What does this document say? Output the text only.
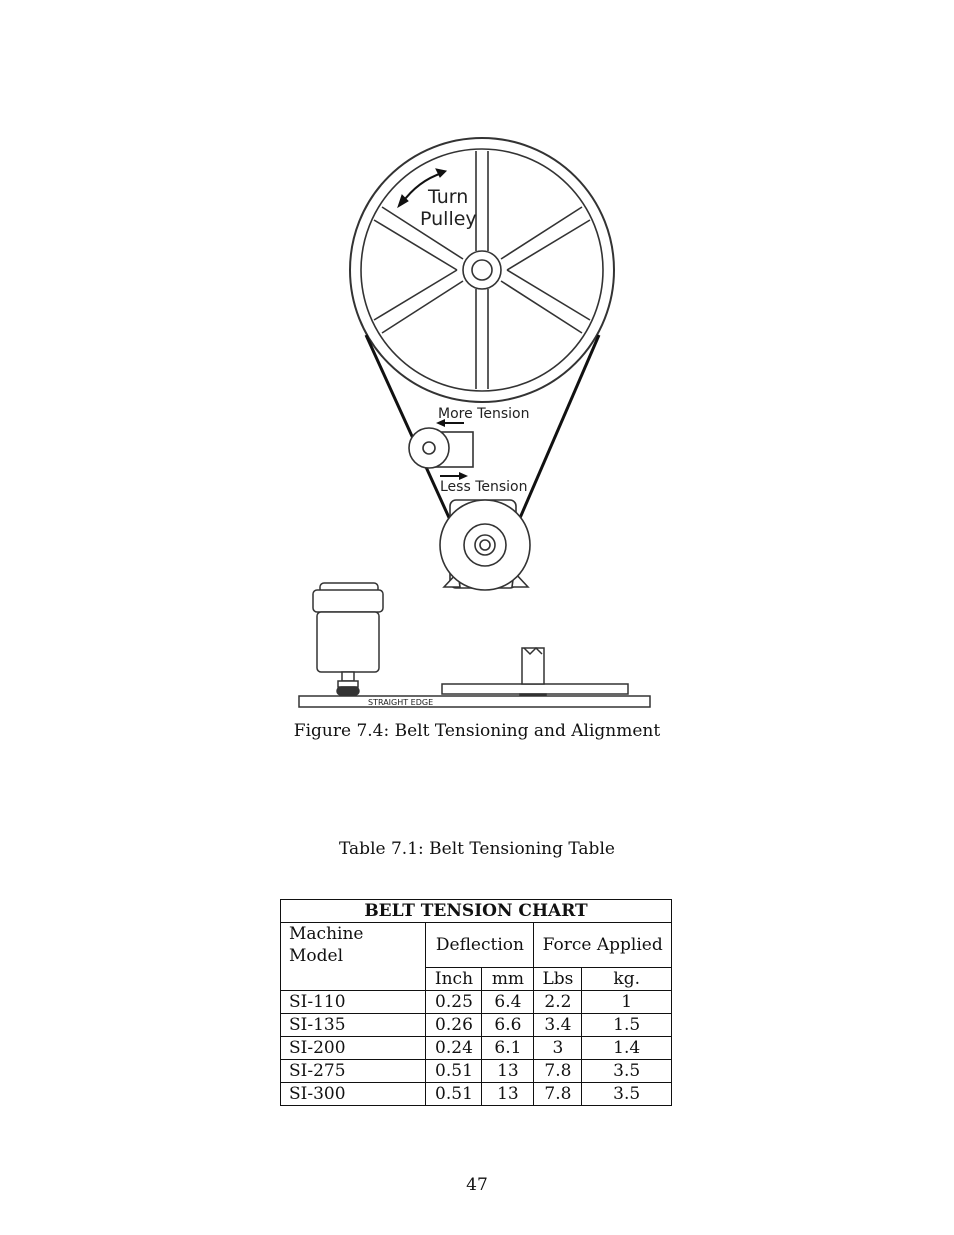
Turn
Pulley
More Tension
Less Tension
STRAIGHT EDGE
Figure 7.4: Belt Tensioning and Alignment
Table 7.1: Belt Tensioning Table
BELT TENSION CHART				
Machine Model	Deflection		Force Applied	
	Inch	mm	Lbs	kg.
SI-110	0.25	6.4	2.2	1
SI-135	0.26	6.6	3.4	1.5
SI-200	0.24	6.1	3	1.4
SI-275	0.51	13	7.8	3.5
SI-300	0.51	13	7.8	3.5
47
